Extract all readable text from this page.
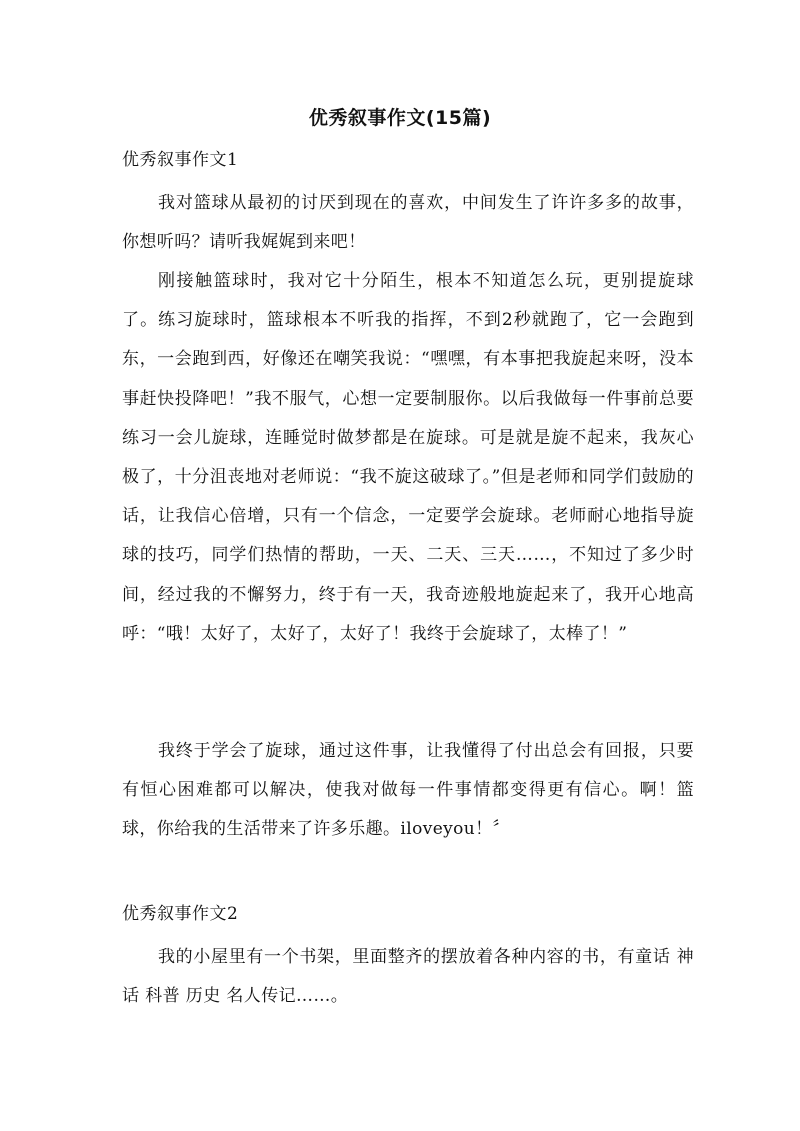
优秀叙事作文(15篇)
优秀叙事作文1

我对篮球从最初的讨厌到现在的喜欢，中间发生了许许多多的故事，你想听吗？请听我娓娓到来吧！

刚接触篮球时，我对它十分陌生，根本不知道怎么玩，更别提旋球了。练习旋球时，篮球根本不听我的指挥，不到2秒就跑了，它一会跑到东，一会跑到西，好像还在嘲笑我说：“嘿嘿，有本事把我旋起来呀，没本事赶快投降吧！”我不服气，心想一定要制服你。以后我做每一件事前总要练习一会儿旋球，连睡觉时做梦都是在旋球。可是就是旋不起来，我灰心极了，十分沮丧地对老师说：“我不旋这破球了。”但是老师和同学们鼓励的话，让我信心倍增，只有一个信念，一定要学会旋球。老师耐心地指导旋球的技巧，同学们热情的帮助，一天、二天、三天……，不知过了多少时间，经过我的不懈努力，终于有一天，我奇迹般地旋起来了，我开心地高呼：“哦！太好了，太好了，太好了！我终于会旋球了，太棒了！”

我终于学会了旋球，通过这件事，让我懂得了付出总会有回报，只要有恒心困难都可以解决，使我对做每一件事情都变得更有信心。啊！篮球，你给我的生活带来了许多乐趣。iloveyou！〞

优秀叙事作文2

我的小屋里有一个书架，里面整齐的摆放着各种内容的书，有童话 神话 科普 历史 名人传记……。
